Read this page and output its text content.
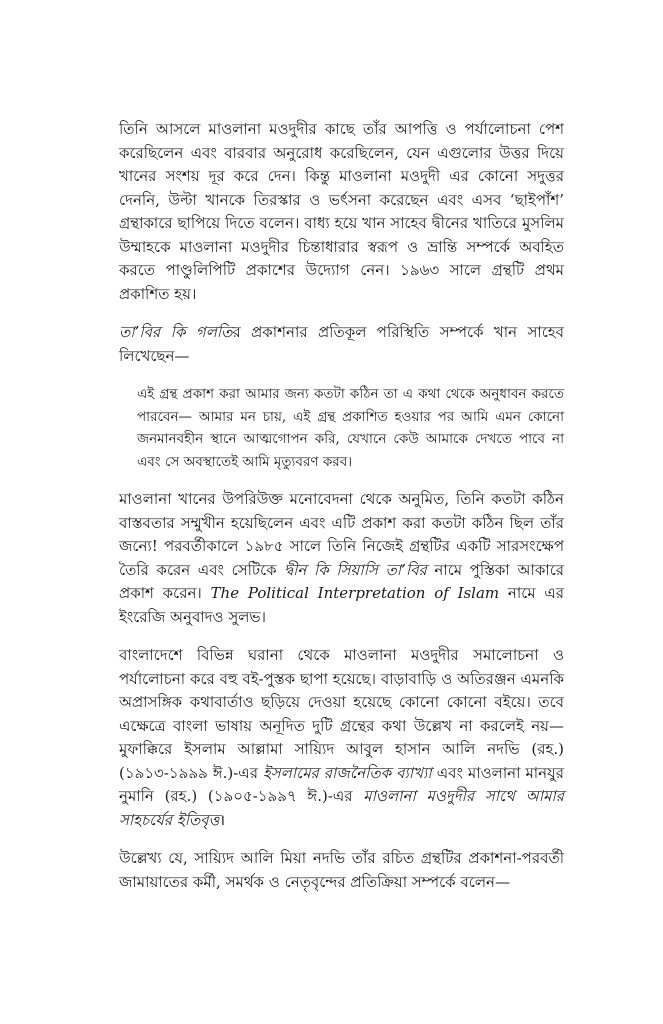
তিনি আসলে মাওলানা মওদুদীর কাছে তাঁর আপত্তি ও পর্যালোচনা পেশ করেছিলেন এবং বারবার অনুরোধ করেছিলেন, যেন এগুলোর উত্তর দিয়ে খানের সংশয় দূর করে দেন। কিন্তু মাওলানা মওদুদী এর কোনো সদুত্তর দেননি, উল্টা খানকে তিরস্কার ও ভর্ৎসনা করেছেন এবং এসব ‘ছাইপাঁশ’ গ্রন্থাকারে ছাপিয়ে দিতে বলেন। বাধ্য হয়ে খান সাহেব দ্বীনের খাতিরে মুসলিম উম্মাহকে মাওলানা মওদুদীর চিন্তাধারার স্বরূপ ও ভ্রান্তি সম্পর্কে অবহিত করতে পাণ্ডুলিপিটি প্রকাশের উদ্যোগ নেন। ১৯৬৩ সালে গ্রন্থটি প্রথম প্রকাশিত হয়।

তা’বির কি গলতির প্রকাশনার প্রতিকূল পরিস্থিতি সম্পর্কে খান সাহেব লিখেছেন—

এই গ্রন্থ প্রকাশ করা আমার জন্য কতটা কঠিন তা এ কথা থেকে অনুধাবন করতে পারবেন— আমার মন চায়, এই গ্রন্থ প্রকাশিত হওয়ার পর আমি এমন কোনো জনমানবহীন স্থানে আত্মগোপন করি, যেখানে কেউ আমাকে দেখতে পাবে না এবং সে অবস্থাতেই আমি মৃত্যুবরণ করব।

মাওলানা খানের উপরিউক্ত মনোবেদনা থেকে অনুমিত, তিনি কতটা কঠিন বাস্তবতার সম্মুখীন হয়েছিলেন এবং এটি প্রকাশ করা কতটা কঠিন ছিল তাঁর জন্যে! পরবর্তীকালে ১৯৮৫ সালে তিনি নিজেই গ্রন্থটির একটি সারসংক্ষেপ তৈরি করেন এবং সেটিকে দ্বীন কি সিয়াসি তা’বির নামে পুস্তিকা আকারে প্রকাশ করেন। The Political Interpretation of Islam নামে এর ইংরেজি অনুবাদও সুলভ।

বাংলাদেশে বিভিন্ন ঘরানা থেকে মাওলানা মওদুদীর সমালোচনা ও পর্যালোচনা করে বহু বই-পুস্তক ছাপা হয়েছে। বাড়াবাড়ি ও অতিরঞ্জন এমনকি অপ্রাসঙ্গিক কথাবার্তাও ছড়িয়ে দেওয়া হয়েছে কোনো কোনো বইয়ে। তবে এক্ষেত্রে বাংলা ভাষায় অনূদিত দুটি গ্রন্থের কথা উল্লেখ না করলেই নয়— মুফাক্কিরে ইসলাম আল্লামা সায়্যিদ আবুল হাসান আলি নদভি (রহ.) (১৯১৩-১৯৯৯ ঈ.)-এর ইসলামের রাজনৈতিক ব্যাখ্যা এবং মাওলানা মানযুর নুমানি (রহ.) (১৯০৫-১৯৯৭ ঈ.)-এর মাওলানা মওদুদীর সাথে আমার সাহচর্যের ইতিবৃত্ত।

উল্লেখ্য যে, সায়্যিদ আলি মিয়া নদভি তাঁর রচিত গ্রন্থটির প্রকাশনা-পরবর্তী জামায়াতের কর্মী, সমর্থক ও নেতৃবৃন্দের প্রতিক্রিয়া সম্পর্কে বলেন—
